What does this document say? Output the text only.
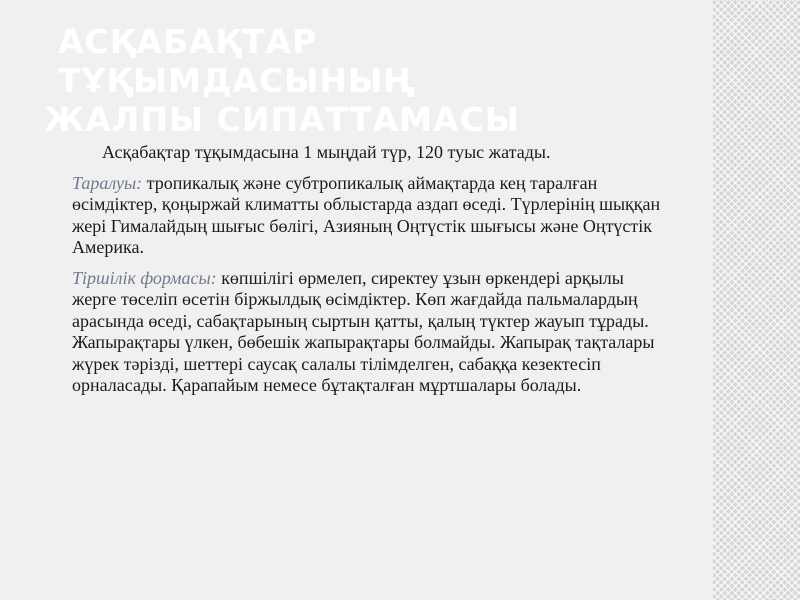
АСҚАБАҚТАР ТҰҚЫМДАСЫНЫҢ
ЖАЛПЫ СИПАТТАМАСЫ

Асқабақтар тұқымдасына 1 мыңдай түр, 120 туыс жатады.

Таралуы: тропикалық және субтропикалық аймақтарда кең таралған өсімдіктер, қоңыржай климатты облыстарда аздап өседі. Түрлерінің шыққан жері Гималайдың шығыс бөлігі, Азияның Оңтүстік шығысы және Оңтүстік Америка.

Тіршілік формасы: көпшілігі өрмелеп, сиректеу ұзын өркендері арқылы жерге төселіп өсетін біржылдық өсімдіктер. Көп жағдайда пальмалардың арасында өседі, сабақтарының сыртын қатты, қалың түктер жауып тұрады. Жапырақтары үлкен, бөбешік жапырақтары болмайды. Жапырақ тақталары жүрек тәрізді, шеттері саусақ салалы тілімделген, сабаққа кезектесіп орналасады. Қарапайым немесе бұтақталған мұртшалары болады.
